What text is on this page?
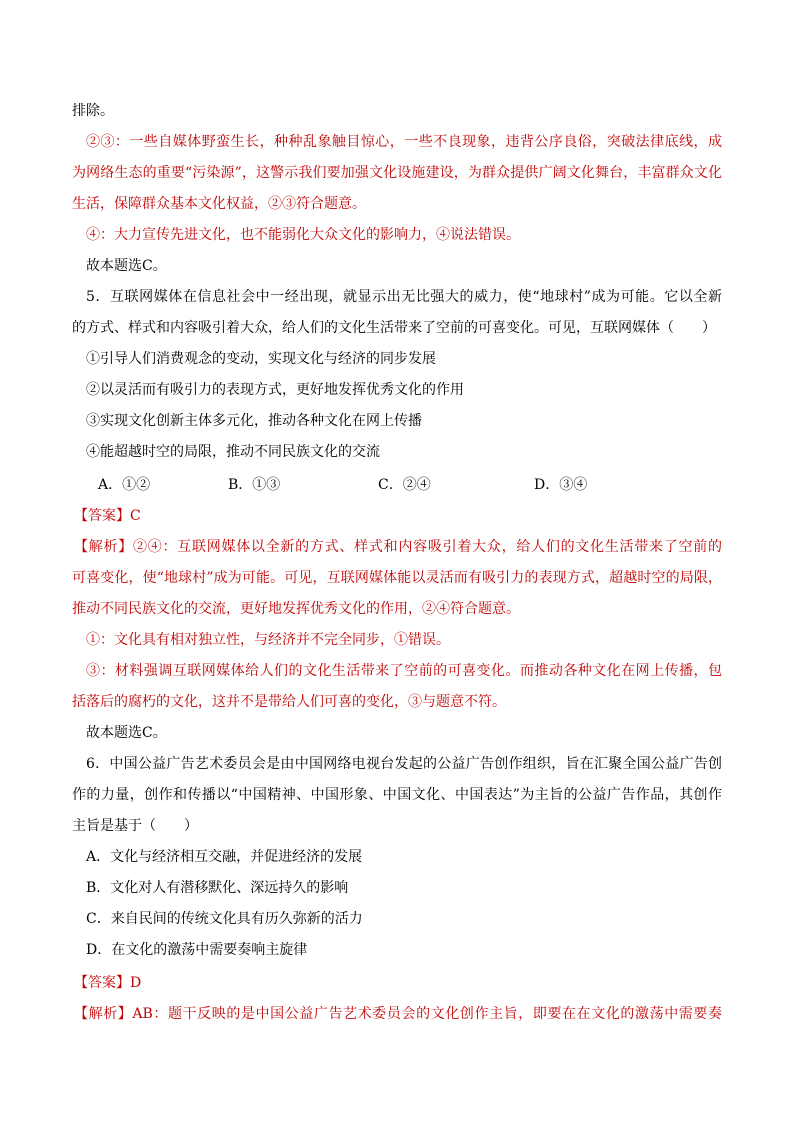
排除。
②③：一些自媒体野蛮生长，种种乱象触目惊心，一些不良现象，违背公序良俗，突破法律底线，成
为网络生态的重要“污染源”，这警示我们要加强文化设施建设，为群众提供广阔文化舞台，丰富群众文化
生活，保障群众基本文化权益，②③符合题意。
④：大力宣传先进文化，也不能弱化大众文化的影响力，④说法错误。
故本题选C。
5．互联网媒体在信息社会中一经出现，就显示出无比强大的威力，使“地球村”成为可能。它以全新
的方式、样式和内容吸引着大众，给人们的文化生活带来了空前的可喜变化。可见，互联网媒体（　　）
①引导人们消费观念的变动，实现文化与经济的同步发展
②以灵活而有吸引力的表现方式，更好地发挥优秀文化的作用
③实现文化创新主体多元化，推动各种文化在网上传播
④能超越时空的局限，推动不同民族文化的交流
A．①②	B．①③	C．②④	D．③④
【答案】C
【解析】②④：互联网媒体以全新的方式、样式和内容吸引着大众，给人们的文化生活带来了空前的
可喜变化，使“地球村”成为可能。可见，互联网媒体能以灵活而有吸引力的表现方式，超越时空的局限，
推动不同民族文化的交流，更好地发挥优秀文化的作用，②④符合题意。
①：文化具有相对独立性，与经济并不完全同步，①错误。
③：材料强调互联网媒体给人们的文化生活带来了空前的可喜变化。而推动各种文化在网上传播，包
括落后的腐朽的文化，这并不是带给人们可喜的变化，③与题意不符。
故本题选C。
6．中国公益广告艺术委员会是由中国网络电视台发起的公益广告创作组织，旨在汇聚全国公益广告创
作的力量，创作和传播以“中国精神、中国形象、中国文化、中国表达”为主旨的公益广告作品，其创作
主旨是基于（　　）
A．文化与经济相互交融，并促进经济的发展
B．文化对人有潜移默化、深远持久的影响
C．来自民间的传统文化具有历久弥新的活力
D．在文化的激荡中需要奏响主旋律
【答案】D
【解析】AB：题干反映的是中国公益广告艺术委员会的文化创作主旨，即要在在文化的激荡中需要奏
